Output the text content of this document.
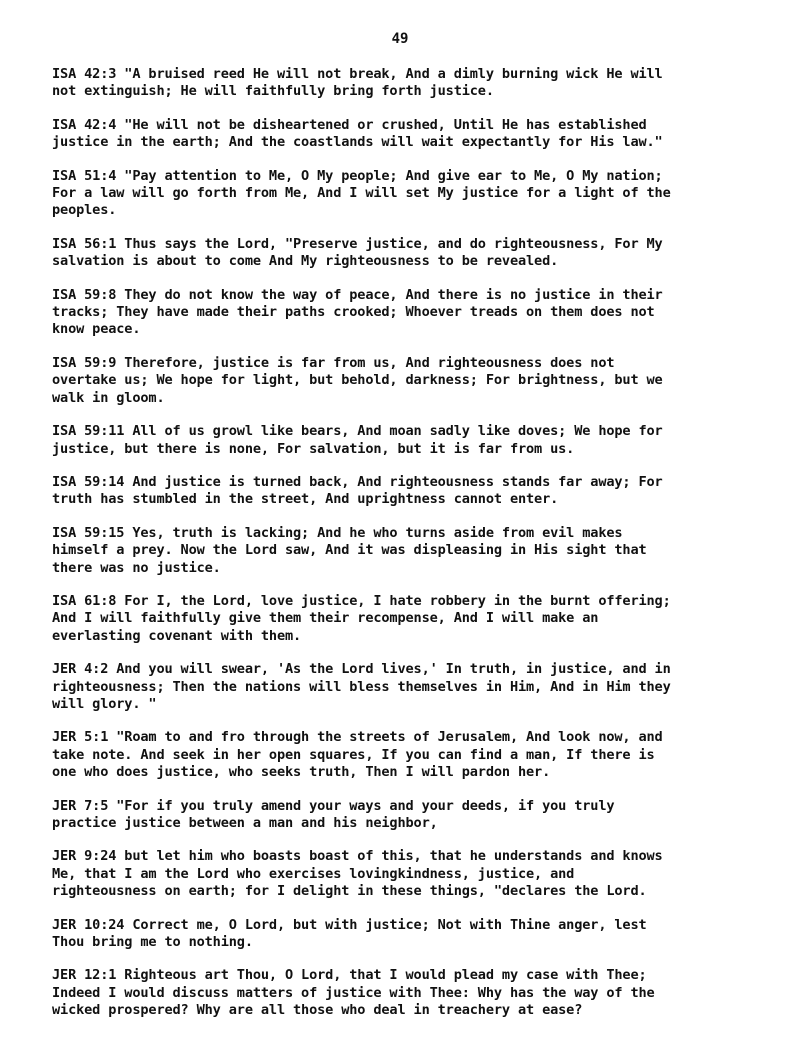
49

ISA 42:3 "A bruised reed He will not break, And a dimly burning wick He will
not extinguish; He will faithfully bring forth justice.

ISA 42:4 "He will not be disheartened or crushed, Until He has established
justice in the earth; And the coastlands will wait expectantly for His law."

ISA 51:4 "Pay attention to Me, O My people; And give ear to Me, O My nation;
For a law will go forth from Me, And I will set My justice for a light of the
peoples.

ISA 56:1 Thus says the Lord, "Preserve justice, and do righteousness, For My
salvation is about to come And My righteousness to be revealed.

ISA 59:8 They do not know the way of peace, And there is no justice in their
tracks; They have made their paths crooked; Whoever treads on them does not
know peace.

ISA 59:9 Therefore, justice is far from us, And righteousness does not
overtake us; We hope for light, but behold, darkness; For brightness, but we
walk in gloom.

ISA 59:11 All of us growl like bears, And moan sadly like doves; We hope for
justice, but there is none, For salvation, but it is far from us.

ISA 59:14 And justice is turned back, And righteousness stands far away; For
truth has stumbled in the street, And uprightness cannot enter.

ISA 59:15 Yes, truth is lacking; And he who turns aside from evil makes
himself a prey. Now the Lord saw, And it was displeasing in His sight that
there was no justice.

ISA 61:8 For I, the Lord, love justice, I hate robbery in the burnt offering;
And I will faithfully give them their recompense, And I will make an
everlasting covenant with them.

JER 4:2 And you will swear, 'As the Lord lives,' In truth, in justice, and in
righteousness; Then the nations will bless themselves in Him, And in Him they
will glory. "

JER 5:1 "Roam to and fro through the streets of Jerusalem, And look now, and
take note. And seek in her open squares, If you can find a man, If there is
one who does justice, who seeks truth, Then I will pardon her.

JER 7:5 "For if you truly amend your ways and your deeds, if you truly
practice justice between a man and his neighbor,

JER 9:24 but let him who boasts boast of this, that he understands and knows
Me, that I am the Lord who exercises lovingkindness, justice, and
righteousness on earth; for I delight in these things, "declares the Lord.

JER 10:24 Correct me, O Lord, but with justice; Not with Thine anger, lest
Thou bring me to nothing.

JER 12:1 Righteous art Thou, O Lord, that I would plead my case with Thee;
Indeed I would discuss matters of justice with Thee: Why has the way of the
wicked prospered? Why are all those who deal in treachery at ease?
